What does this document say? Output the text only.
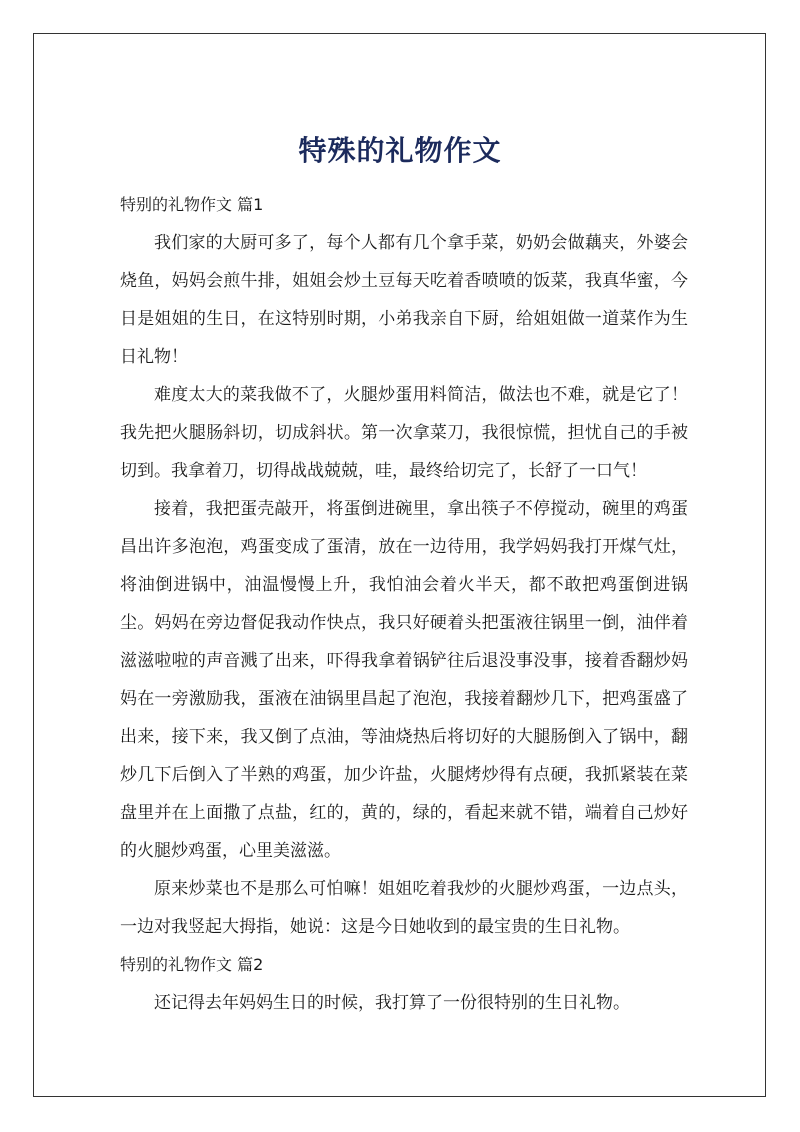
特殊的礼物作文

特别的礼物作文 篇1

我们家的大厨可多了，每个人都有几个拿手菜，奶奶会做藕夹，外婆会烧鱼，妈妈会煎牛排，姐姐会炒土豆每天吃着香喷喷的饭菜，我真华蜜，今日是姐姐的生日，在这特别时期，小弟我亲自下厨，给姐姐做一道菜作为生日礼物！

难度太大的菜我做不了，火腿炒蛋用料简洁，做法也不难，就是它了！我先把火腿肠斜切，切成斜状。第一次拿菜刀，我很惊慌，担忧自己的手被切到。我拿着刀，切得战战兢兢，哇，最终给切完了，长舒了一口气！

接着，我把蛋壳敲开，将蛋倒进碗里，拿出筷子不停搅动，碗里的鸡蛋昌出许多泡泡，鸡蛋变成了蛋清，放在一边待用，我学妈妈我打开煤气灶，将油倒进锅中，油温慢慢上升，我怕油会着火半天，都不敢把鸡蛋倒进锅尘。妈妈在旁边督促我动作快点，我只好硬着头把蛋液往锅里一倒，油伴着滋滋啦啦的声音溅了出来，吓得我拿着锅铲往后退没事没事，接着香翻炒妈妈在一旁激励我，蛋液在油锅里昌起了泡泡，我接着翻炒几下，把鸡蛋盛了出来，接下来，我又倒了点油，等油烧热后将切好的大腿肠倒入了锅中，翻炒几下后倒入了半熟的鸡蛋，加少许盐，火腿烤炒得有点硬，我抓紧装在菜盘里并在上面撒了点盐，红的，黄的，绿的，看起来就不错，端着自己炒好的火腿炒鸡蛋，心里美滋滋。

原来炒菜也不是那么可怕嘛！姐姐吃着我炒的火腿炒鸡蛋，一边点头，一边对我竖起大拇指，她说：这是今日她收到的最宝贵的生日礼物。

特别的礼物作文 篇2

还记得去年妈妈生日的时候，我打算了一份很特别的生日礼物。
